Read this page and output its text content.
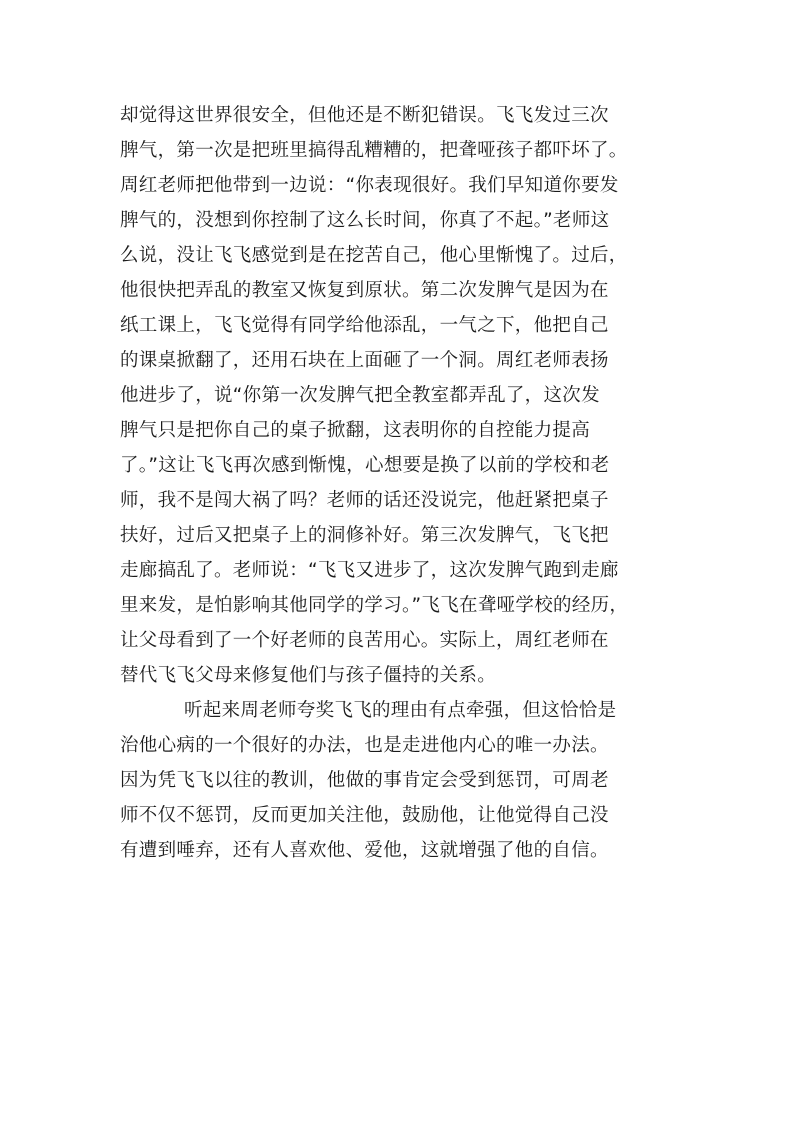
却觉得这世界很安全，但他还是不断犯错误。飞飞发过三次
脾气，第一次是把班里搞得乱糟糟的，把聋哑孩子都吓坏了。
周红老师把他带到一边说：“你表现很好。我们早知道你要发
脾气的，没想到你控制了这么长时间，你真了不起。”老师这
么说，没让飞飞感觉到是在挖苦自己，他心里惭愧了。过后，
他很快把弄乱的教室又恢复到原状。第二次发脾气是因为在
纸工课上，飞飞觉得有同学给他添乱，一气之下，他把自己
的课桌掀翻了，还用石块在上面砸了一个洞。周红老师表扬
他进步了，说“你第一次发脾气把全教室都弄乱了，这次发
脾气只是把你自己的桌子掀翻，这表明你的自控能力提高
了。”这让飞飞再次感到惭愧，心想要是换了以前的学校和老
师，我不是闯大祸了吗？老师的话还没说完，他赶紧把桌子
扶好，过后又把桌子上的洞修补好。第三次发脾气，飞飞把
走廊搞乱了。老师说：“飞飞又进步了，这次发脾气跑到走廊
里来发，是怕影响其他同学的学习。”飞飞在聋哑学校的经历，
让父母看到了一个好老师的良苦用心。实际上，周红老师在
替代飞飞父母来修复他们与孩子僵持的关系。
听起来周老师夸奖飞飞的理由有点牵强，但这恰恰是
治他心病的一个很好的办法，也是走进他内心的唯一办法。
因为凭飞飞以往的教训，他做的事肯定会受到惩罚，可周老
师不仅不惩罚，反而更加关注他，鼓励他，让他觉得自己没
有遭到唾弃，还有人喜欢他、爱他，这就增强了他的自信。
